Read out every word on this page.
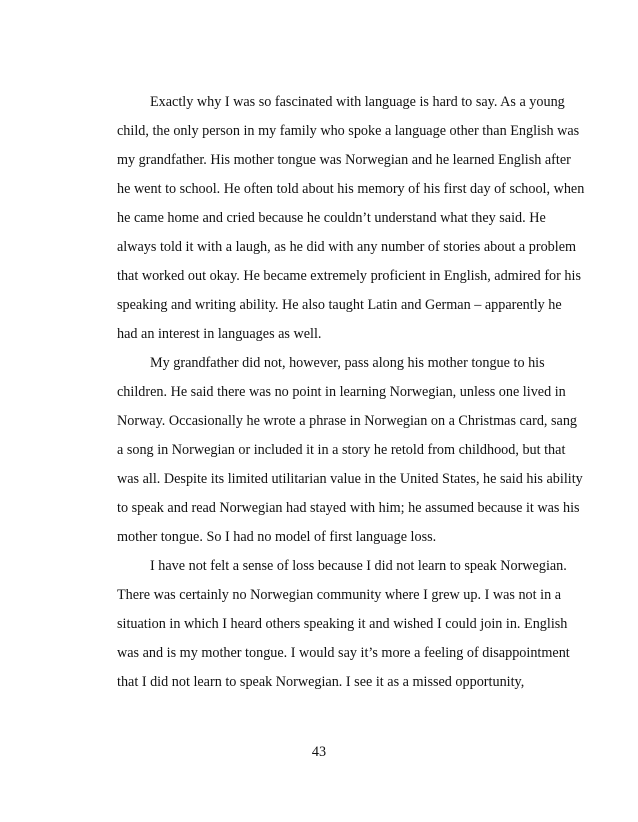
Exactly why I was so fascinated with language is hard to say. As a young

child, the only person in my family who spoke a language other than English was

my grandfather. His mother tongue was Norwegian and he learned English after

he went to school. He often told about his memory of his first day of school, when

he came home and cried because he couldn’t understand what they said. He

always told it with a laugh, as he did with any number of stories about a problem

that worked out okay. He became extremely proficient in English, admired for his

speaking and writing ability. He also taught Latin and German – apparently he

had an interest in languages as well.

My grandfather did not, however, pass along his mother tongue to his

children. He said there was no point in learning Norwegian, unless one lived in

Norway. Occasionally he wrote a phrase in Norwegian on a Christmas card, sang

a song in Norwegian or included it in a story he retold from childhood, but that

was all. Despite its limited utilitarian value in the United States, he said his ability

to speak and read Norwegian had stayed with him; he assumed because it was his

mother tongue. So I had no model of first language loss.

I have not felt a sense of loss because I did not learn to speak Norwegian.

There was certainly no Norwegian community where I grew up. I was not in a

situation in which I heard others speaking it and wished I could join in. English

was and is my mother tongue. I would say it’s more a feeling of disappointment

that I did not learn to speak Norwegian. I see it as a missed opportunity,

43
